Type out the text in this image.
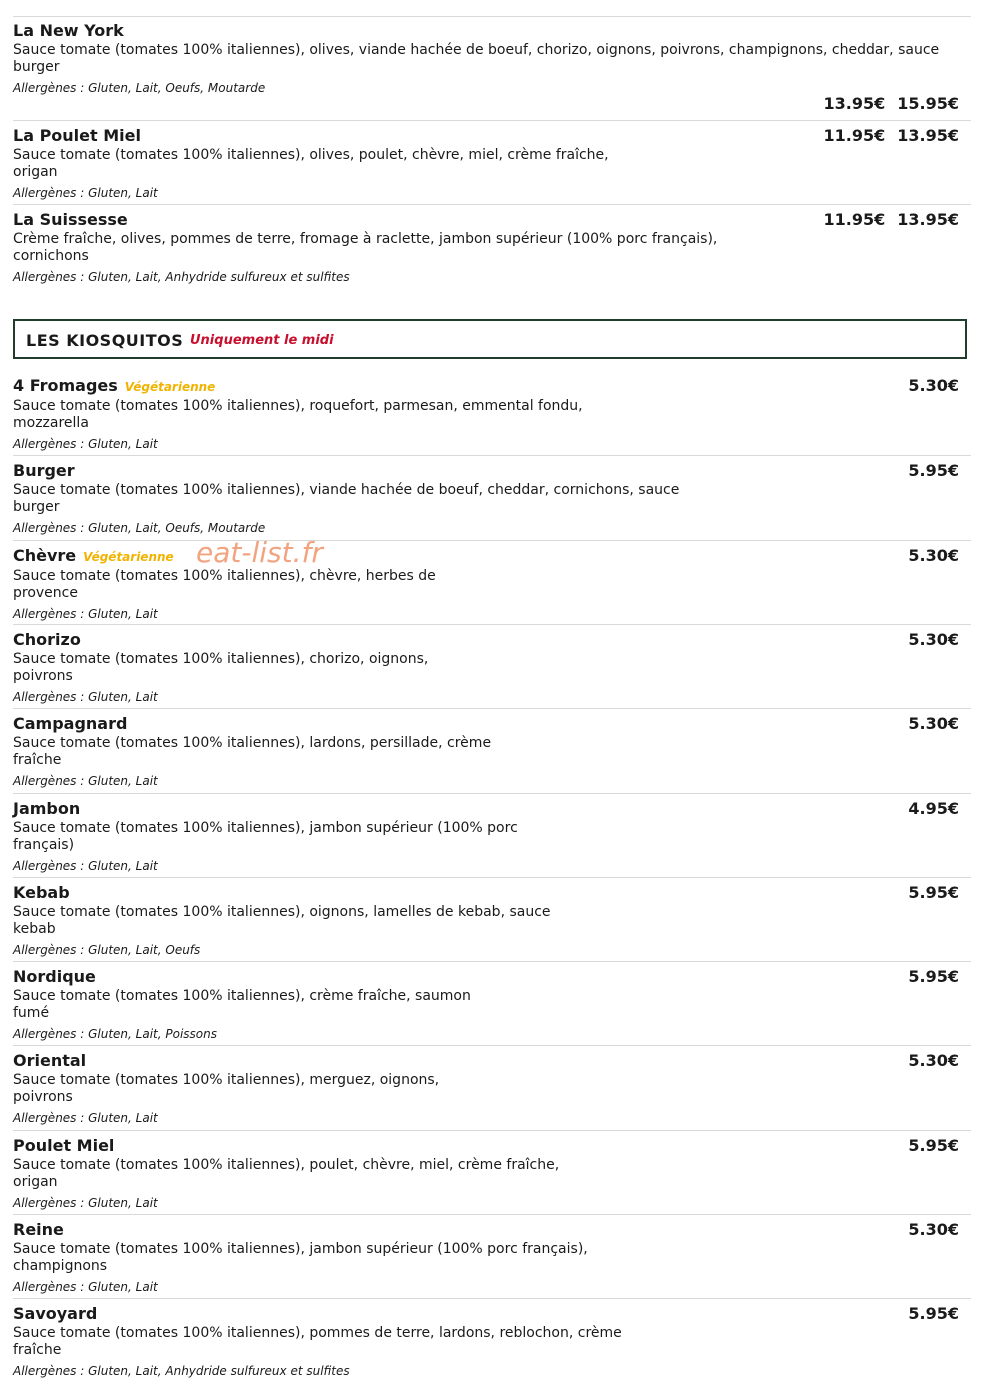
La New York
Sauce tomate (tomates 100% italiennes), olives, viande hachée de boeuf, chorizo, oignons, poivrons, champignons, cheddar, sauce burger
Allergènes : Gluten, Lait, Oeufs, Moutarde
13.95€ 15.95€
La Poulet Miel
Sauce tomate (tomates 100% italiennes), olives, poulet, chèvre, miel, crème fraîche, origan
Allergènes : Gluten, Lait
11.95€ 13.95€
La Suissesse
Crème fraîche, olives, pommes de terre, fromage à raclette, jambon supérieur (100% porc français), cornichons
Allergènes : Gluten, Lait, Anhydride sulfureux et sulfites
11.95€ 13.95€
LES KIOSQUITOS Uniquement le midi
4 Fromages Végétarienne
Sauce tomate (tomates 100% italiennes), roquefort, parmesan, emmental fondu, mozzarella
Allergènes : Gluten, Lait
5.30€
Burger
Sauce tomate (tomates 100% italiennes), viande hachée de boeuf, cheddar, cornichons, sauce burger
Allergènes : Gluten, Lait, Oeufs, Moutarde
5.95€
Chèvre Végétarienne
Sauce tomate (tomates 100% italiennes), chèvre, herbes de provence
Allergènes : Gluten, Lait
5.30€
Chorizo
Sauce tomate (tomates 100% italiennes), chorizo, oignons, poivrons
Allergènes : Gluten, Lait
5.30€
Campagnard
Sauce tomate (tomates 100% italiennes), lardons, persillade, crème fraîche
Allergènes : Gluten, Lait
5.30€
Jambon
Sauce tomate (tomates 100% italiennes), jambon supérieur (100% porc français)
Allergènes : Gluten, Lait
4.95€
Kebab
Sauce tomate (tomates 100% italiennes), oignons, lamelles de kebab, sauce kebab
Allergènes : Gluten, Lait, Oeufs
5.95€
Nordique
Sauce tomate (tomates 100% italiennes), crème fraîche, saumon fumé
Allergènes : Gluten, Lait, Poissons
5.95€
Oriental
Sauce tomate (tomates 100% italiennes), merguez, oignons, poivrons
Allergènes : Gluten, Lait
5.30€
Poulet Miel
Sauce tomate (tomates 100% italiennes), poulet, chèvre, miel, crème fraîche, origan
Allergènes : Gluten, Lait
5.95€
Reine
Sauce tomate (tomates 100% italiennes), jambon supérieur (100% porc français), champignons
Allergènes : Gluten, Lait
5.30€
Savoyard
Sauce tomate (tomates 100% italiennes), pommes de terre, lardons, reblochon, crème fraîche
Allergènes : Gluten, Lait, Anhydride sulfureux et sulfites
5.95€
eat-list.fr
